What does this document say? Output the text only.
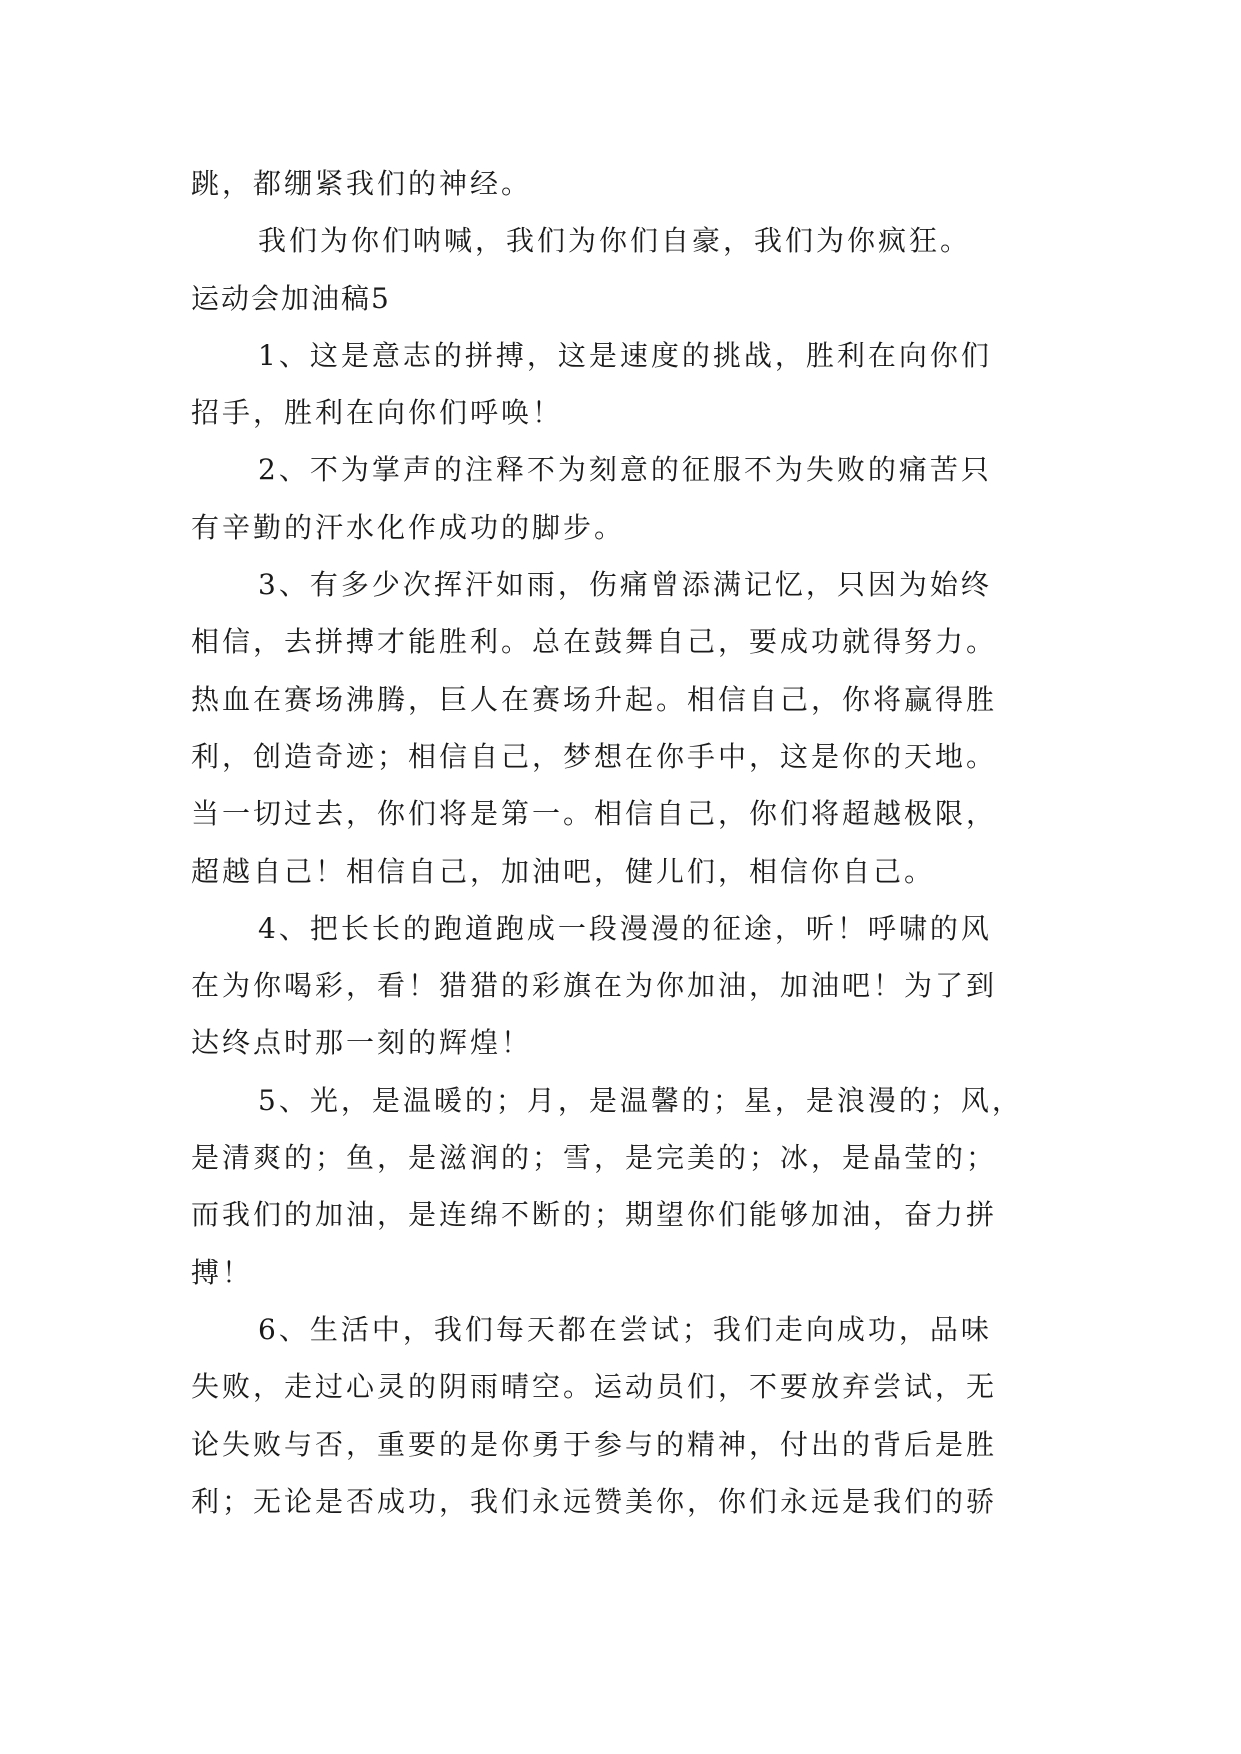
跳，都绷紧我们的神经。
我们为你们呐喊，我们为你们自豪，我们为你疯狂。
运动会加油稿5
1、这是意志的拼搏，这是速度的挑战，胜利在向你们
招手，胜利在向你们呼唤！
2、不为掌声的注释不为刻意的征服不为失败的痛苦只
有辛勤的汗水化作成功的脚步。
3、有多少次挥汗如雨，伤痛曾添满记忆，只因为始终
相信，去拼搏才能胜利。总在鼓舞自己，要成功就得努力。
热血在赛场沸腾，巨人在赛场升起。相信自己，你将赢得胜
利，创造奇迹；相信自己，梦想在你手中，这是你的天地。
当一切过去，你们将是第一。相信自己，你们将超越极限，
超越自己！相信自己，加油吧，健儿们，相信你自己。
4、把长长的跑道跑成一段漫漫的征途，听！呼啸的风
在为你喝彩，看！猎猎的彩旗在为你加油，加油吧！为了到
达终点时那一刻的辉煌！
5、光，是温暖的；月，是温馨的；星，是浪漫的；风，
是清爽的；鱼，是滋润的；雪，是完美的；冰，是晶莹的；
而我们的加油，是连绵不断的；期望你们能够加油，奋力拼
搏！
6、生活中，我们每天都在尝试；我们走向成功，品味
失败，走过心灵的阴雨晴空。运动员们，不要放弃尝试，无
论失败与否，重要的是你勇于参与的精神，付出的背后是胜
利；无论是否成功，我们永远赞美你，你们永远是我们的骄
